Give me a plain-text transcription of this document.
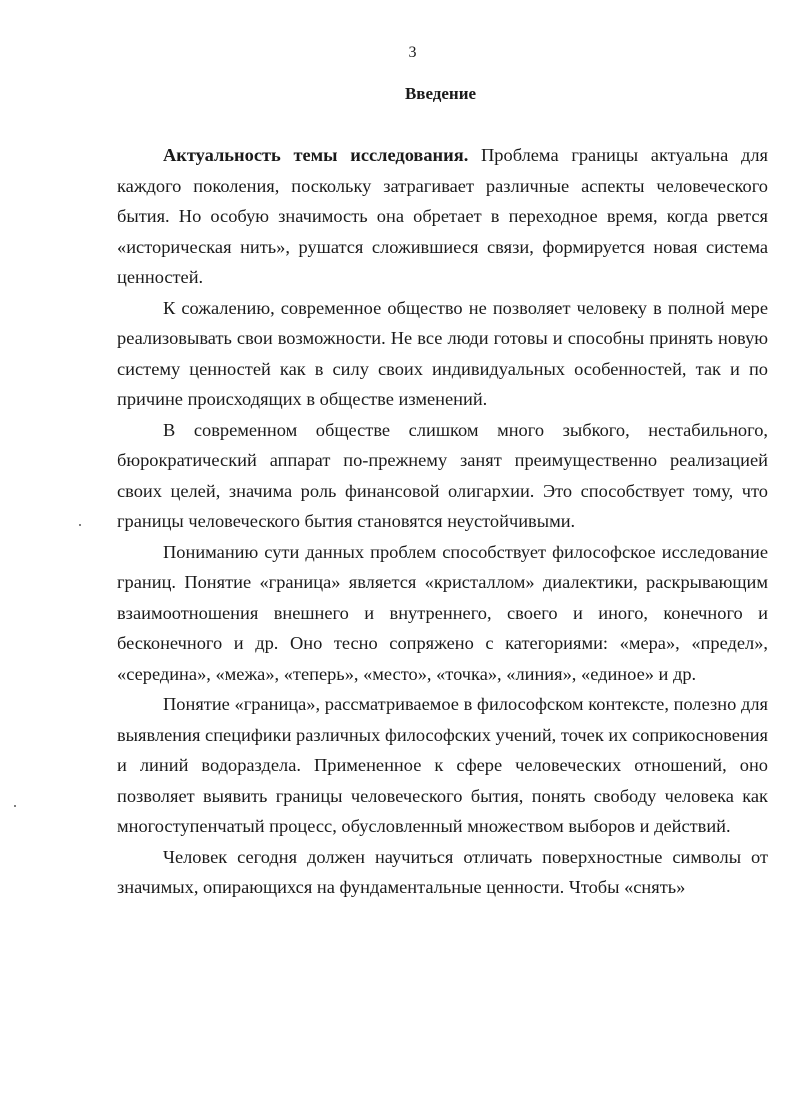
3
Введение

Актуальность темы исследования. Проблема границы актуальна для каждого поколения, поскольку затрагивает различные аспекты человеческого бытия. Но особую значимость она обретает в переходное время, когда рвется «историческая нить», рушатся сложившиеся связи, формируется новая система ценностей.

К сожалению, современное общество не позволяет человеку в полной мере реализовывать свои возможности. Не все люди готовы и способны принять новую систему ценностей как в силу своих индивидуальных особенностей, так и по причине происходящих в обществе изменений.

В современном обществе слишком много зыбкого, нестабильного, бюрократический аппарат по-прежнему занят преимущественно реализацией своих целей, значима роль финансовой олигархии. Это способствует тому, что границы человеческого бытия становятся неустойчивыми.

Пониманию сути данных проблем способствует философское исследование границ. Понятие «граница» является «кристаллом» диалектики, раскрывающим взаимоотношения внешнего и внутреннего, своего и иного, конечного и бесконечного и др. Оно тесно сопряжено с категориями: «мера», «предел», «середина», «межа», «теперь», «место», «точка», «линия», «единое» и др.

Понятие «граница», рассматриваемое в философском контексте, полезно для выявления специфики различных философских учений, точек их соприкосновения и линий водораздела. Примененное к сфере человеческих отношений, оно позволяет выявить границы человеческого бытия, понять свободу человека как многоступенчатый процесс, обусловленный множеством выборов и действий.

Человек сегодня должен научиться отличать поверхностные символы от значимых, опирающихся на фундаментальные ценности. Чтобы «снять»
